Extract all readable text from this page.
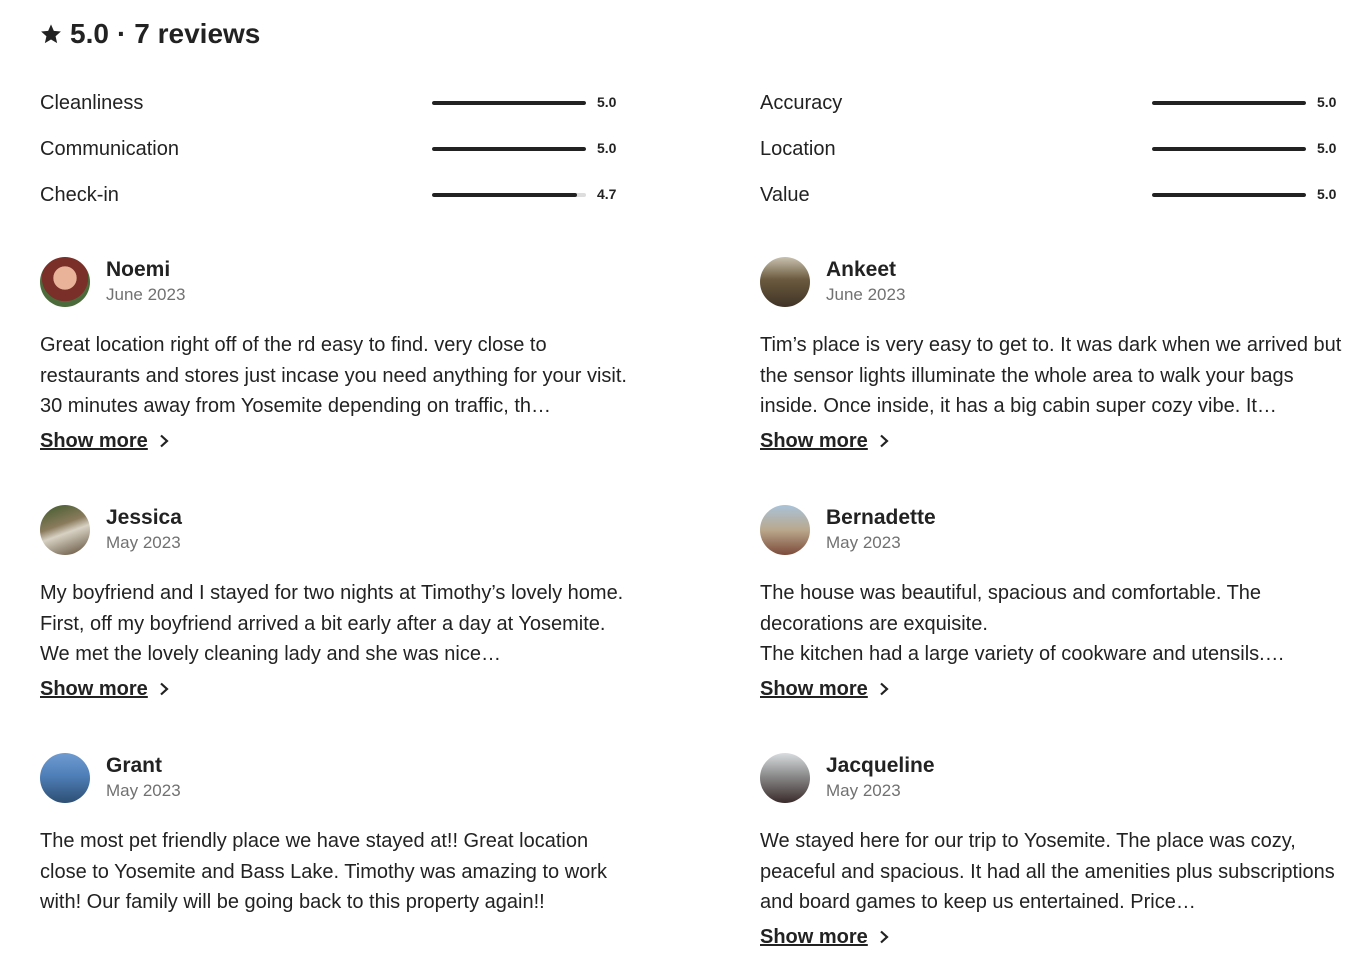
5.0 · 7 reviews
Cleanliness	5.0
Communication	5.0
Check-in	4.7
Accuracy	5.0
Location	5.0
Value	5.0
Noemi
June 2023
Great location right off of the rd easy to find. very close to restaurants and stores just incase you need anything for your visit. 30 minutes away from Yosemite depending on traffic, th…
Show more
Ankeet
June 2023
Tim’s place is very easy to get to. It was dark when we arrived but the sensor lights illuminate the whole area to walk your bags inside. Once inside, it has a big cabin super cozy vibe. It…
Show more
Jessica
May 2023
My boyfriend and I stayed for two nights at Timothy’s lovely home. First, off my boyfriend arrived a bit early after a day at Yosemite. We met the lovely cleaning lady and she was nice…
Show more
Bernadette
May 2023
The house was beautiful, spacious and comfortable. The decorations are exquisite.
The kitchen had a large variety of cookware and utensils.…
Show more
Grant
May 2023
The most pet friendly place we have stayed at!! Great location close to Yosemite and Bass Lake. Timothy was amazing to work with! Our family will be going back to this property again!!
Jacqueline
May 2023
We stayed here for our trip to Yosemite. The place was cozy, peaceful and spacious. It had all the amenities plus subscriptions and board games to keep us entertained. Price…
Show more
